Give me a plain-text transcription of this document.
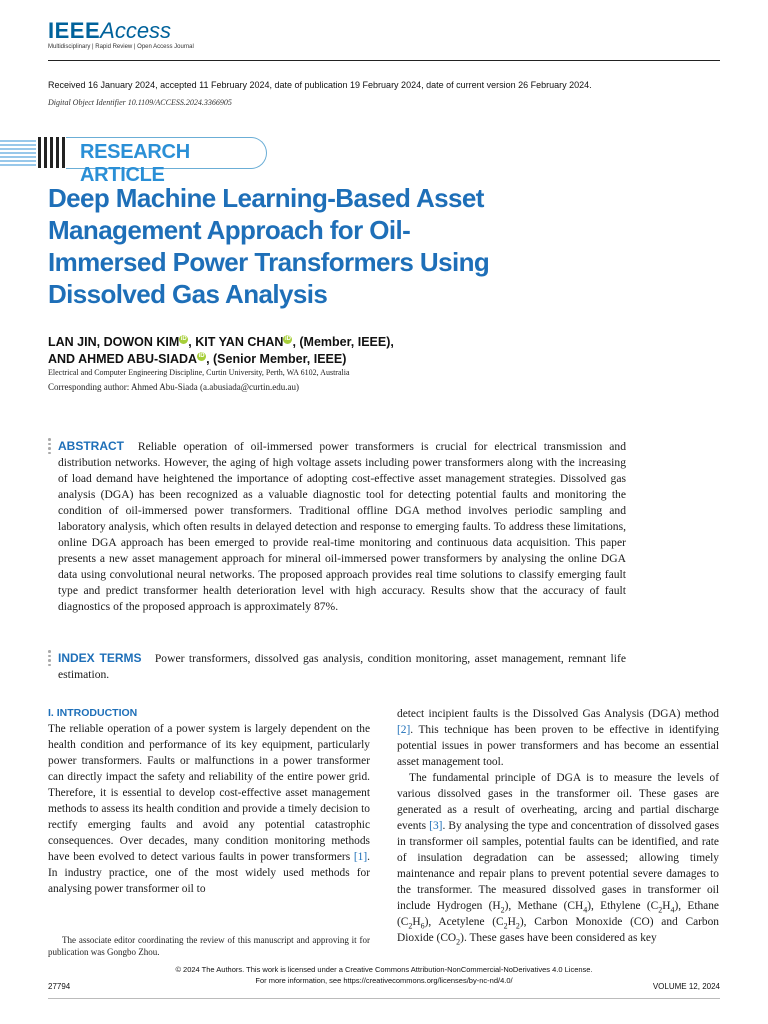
IEEEAccess
Multidisciplinary | Rapid Review | Open Access Journal
Received 16 January 2024, accepted 11 February 2024, date of publication 19 February 2024, date of current version 26 February 2024.
Digital Object Identifier 10.1109/ACCESS.2024.3366905
RESEARCH ARTICLE
Deep Machine Learning-Based Asset Management Approach for Oil-Immersed Power Transformers Using Dissolved Gas Analysis
LAN JIN, DOWON KIM iD , KIT YAN CHAN iD , (Member, IEEE),
AND AHMED ABU-SIADA iD , (Senior Member, IEEE)
Electrical and Computer Engineering Discipline, Curtin University, Perth, WA 6102, Australia
Corresponding author: Ahmed Abu-Siada (a.abusiada@curtin.edu.au)

ABSTRACT Reliable operation of oil-immersed power transformers is crucial for electrical transmission and distribution networks. However, the aging of high voltage assets including power transformers along with the increasing of load demand have heightened the importance of adopting cost-effective asset management strategies. Dissolved gas analysis (DGA) has been recognized as a valuable diagnostic tool for detecting potential faults and monitoring the condition of oil-immersed power transformers. Traditional offline DGA method involves periodic sampling and laboratory analysis, which often results in delayed detection and response to emerging faults. To address these limitations, online DGA approach has been emerged to provide real-time monitoring and continuous data acquisition. This paper presents a new asset management approach for mineral oil-immersed power transformers by analysing the online DGA data using convolutional neural networks. The proposed approach provides real time solutions to classify emerging fault type and predict transformer health deterioration level with high accuracy. Results show that the accuracy of fault diagnostics of the proposed approach is approximately 87%.

INDEX TERMS Power transformers, dissolved gas analysis, condition monitoring, asset management, remnant life estimation.

I. INTRODUCTION

The reliable operation of a power system is largely dependent on the health condition and performance of its key equipment, particularly power transformers. Faults or malfunctions in a power transformer can directly impact the safety and reliability of the entire power grid. Therefore, it is essential to develop cost-effective asset management methods to assess its health condition and provide a timely decision to rectify emerging faults and avoid any potential catastrophic consequences. Over decades, many condition monitoring methods have been evolved to detect various faults in power transformers [1]. In industry practice, one of the most widely used methods for analysing power transformer oil to

detect incipient faults is the Dissolved Gas Analysis (DGA) method [2]. This technique has been proven to be effective in identifying potential issues in power transformers and has become an essential asset management tool.

The fundamental principle of DGA is to measure the levels of various dissolved gases in the transformer oil. These gases are generated as a result of overheating, arcing and partial discharge events [3]. By analysing the type and concentration of dissolved gases in transformer oil samples, potential faults can be identified, and rate of insulation degradation can be assessed; allowing timely maintenance and repair plans to prevent potential severe damages to the transformer. The measured dissolved gases in transformer oil include Hydrogen $(H_2)$, Methane $(CH_4)$, Ethylene $(C_2H_4)$, Ethane $(C_2H_6)$, Acetylene $(C_2H_2)$, Carbon Monoxide (CO) and Carbon Dioxide $(CO_2)$. These gases have been considered as key

The associate editor coordinating the review of this manuscript and approving it for publication was Gongbo Zhou.

© 2024 The Authors. This work is licensed under a Creative Commons Attribution-NonCommercial-NoDerivatives 4.0 License.
For more information, see https://creativecommons.org/licenses/by-nc-nd/4.0/
27794	VOLUME 12, 2024
